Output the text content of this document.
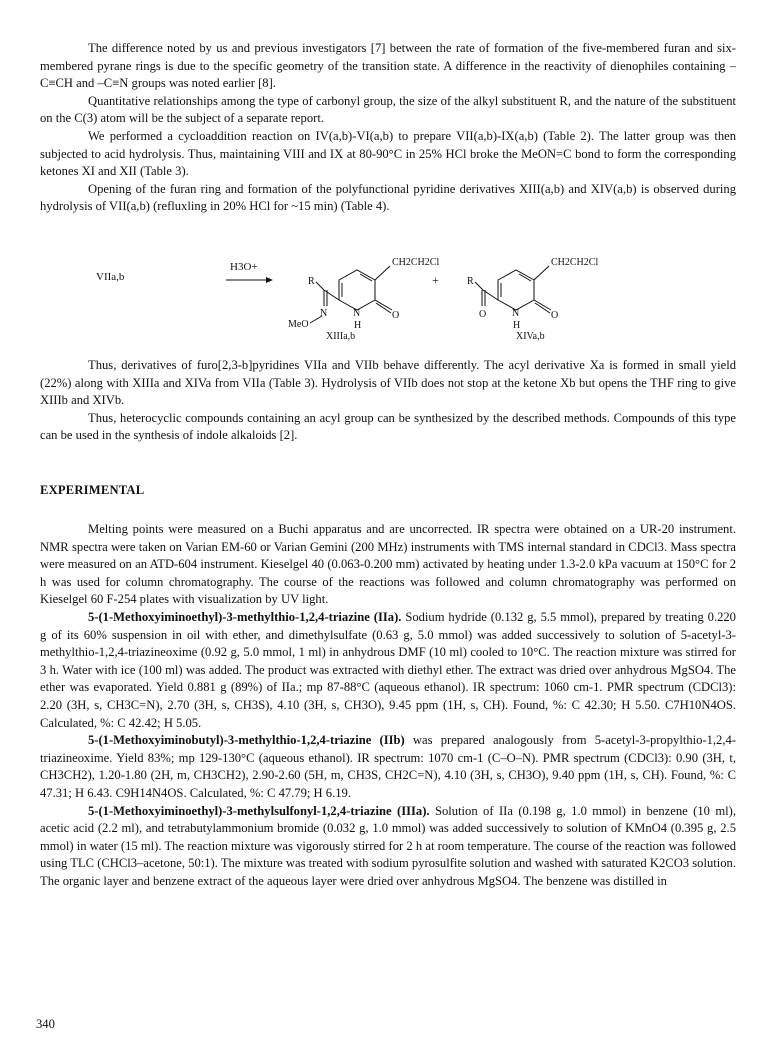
The difference noted by us and previous investigators [7] between the rate of formation of the five-membered furan and six-membered pyrane rings is due to the specific geometry of the transition state. A difference in the reactivity of dienophiles containing –C≡CH and –C≡N groups was noted earlier [8].

Quantitative relationships among the type of carbonyl group, the size of the alkyl substituent R, and the nature of the substituent on the C(3) atom will be the subject of a separate report.

We performed a cycloaddition reaction on IV(a,b)-VI(a,b) to prepare VII(a,b)-IX(a,b) (Table 2). The latter group was then subjected to acid hydrolysis. Thus, maintaining VIII and IX at 80-90°C in 25% HCl broke the MeON=C bond to form the corresponding ketones XI and XII (Table 3).

Opening of the furan ring and formation of the polyfunctional pyridine derivatives XIII(a,b) and XIV(a,b) is observed during hydrolysis of VII(a,b) (refluxling in 20% HCl for ~15 min) (Table 4).

VIIa,b
H3O+	CH2CH2Cl
R
N
H
O
N
MeO
XIIIa,b
+
CH2CH2Cl
R
N
H
O
O
XIVa,b

Thus, derivatives of furo[2,3-b]pyridines VIIa and VIIb behave differently. The acyl derivative Xa is formed in small yield (22%) along with XIIIa and XIVa from VIIa (Table 3). Hydrolysis of VIIb does not stop at the ketone Xb but opens the THF ring to give XIIIb and XIVb.

Thus, heterocyclic compounds containing an acyl group can be synthesized by the described methods. Compounds of this type can be used in the synthesis of indole alkaloids [2].

EXPERIMENTAL

Melting points were measured on a Buchi apparatus and are uncorrected. IR spectra were obtained on a UR-20 instrument. NMR spectra were taken on Varian EM-60 or Varian Gemini (200 MHz) instruments with TMS internal standard in CDCl3. Mass spectra were measured on an ATD-604 instrument. Kieselgel 40 (0.063-0.200 mm) activated by heating under 1.3-2.0 kPa vacuum at 150°C for 2 h was used for column chromatography. The course of the reactions was followed and column chromatography was performed on Kieselgel 60 F-254 plates with visualization by UV light.

5-(1-Methoxyiminoethyl)-3-methylthio-1,2,4-triazine (IIa). Sodium hydride (0.132 g, 5.5 mmol), prepared by treating 0.220 g of its 60% suspension in oil with ether, and dimethylsulfate (0.63 g, 5.0 mmol) was added successively to solution of 5-acetyl-3-methylthio-1,2,4-triazineoxime (0.92 g, 5.0 mmol, 1 ml) in anhydrous DMF (10 ml) cooled to 10°C. The reaction mixture was stirred for 3 h. Water with ice (100 ml) was added. The product was extracted with diethyl ether. The extract was dried over anhydrous MgSO4. The ether was evaporated. Yield 0.881 g (89%) of IIa.; mp 87-88°C (aqueous ethanol). IR spectrum: 1060 cm-1. PMR spectrum (CDCl3): 2.20 (3H, s, CH3C=N), 2.70 (3H, s, CH3S), 4.10 (3H, s, CH3O), 9.45 ppm (1H, s, CH). Found, %: C 42.30; H 5.50. C7H10N4OS. Calculated, %: C 42.42; H 5.05.

5-(1-Methoxyiminobutyl)-3-methylthio-1,2,4-triazine (IIb) was prepared analogously from 5-acetyl-3-propylthio-1,2,4-triazineoxime. Yield 83%; mp 129-130°C (aqueous ethanol). IR spectrum: 1070 cm-1 (C–O–N). PMR spectrum (CDCl3): 0.90 (3H, t, CH3CH2), 1.20-1.80 (2H, m, CH3CH2), 2.90-2.60 (5H, m, CH3S, CH2C=N), 4.10 (3H, s, CH3O), 9.40 ppm (1H, s, CH). Found, %: C 47.31; H 6.43. C9H14N4OS. Calculated, %: C 47.79; H 6.19.

5-(1-Methoxyiminoethyl)-3-methylsulfonyl-1,2,4-triazine (IIIa). Solution of IIa (0.198 g, 1.0 mmol) in benzene (10 ml), acetic acid (2.2 ml), and tetrabutylammonium bromide (0.032 g, 1.0 mmol) was added successively to solution of KMnO4 (0.395 g, 2.5 mmol) in water (15 ml). The reaction mixture was vigorously stirred for 2 h at room temperature. The course of the reaction was followed using TLC (CHCl3–acetone, 50:1). The mixture was treated with sodium pyrosulfite solution and washed with saturated K2CO3 solution. The organic layer and benzene extract of the aqueous layer were dried over anhydrous MgSO4. The benzene was distilled in

340
